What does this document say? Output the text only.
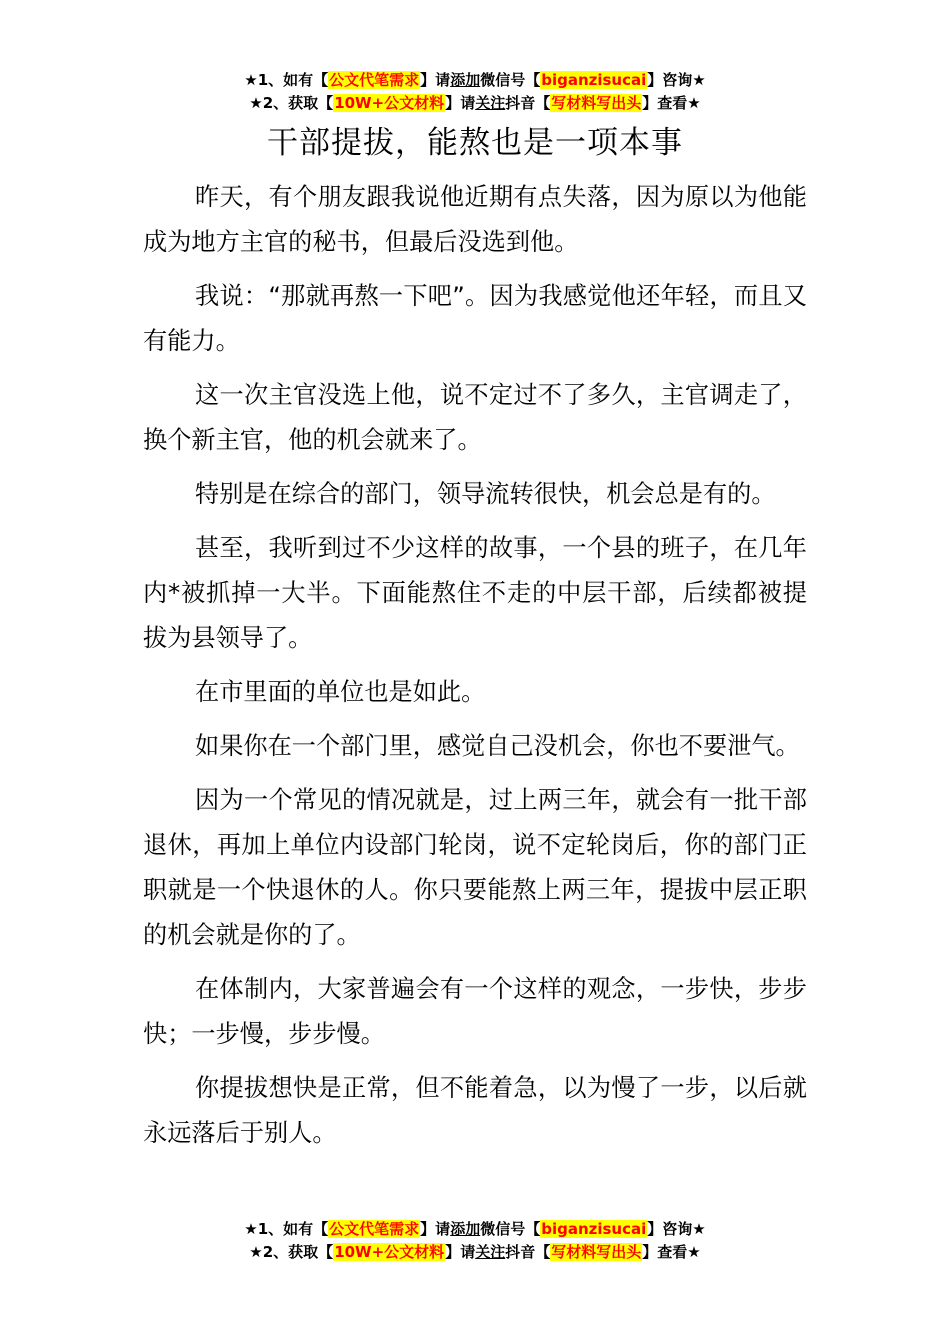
★1、如有【公文代笔需求】请添加微信号【biganzisucai】咨询★
★2、获取【10W+公文材料】请关注抖音【写材料写出头】查看★
干部提拔，能熬也是一项本事

昨天，有个朋友跟我说他近期有点失落，因为原以为他能成为地方主官的秘书，但最后没选到他。

我说：“那就再熬一下吧”。因为我感觉他还年轻，而且又有能力。

这一次主官没选上他，说不定过不了多久，主官调走了，换个新主官，他的机会就来了。

特别是在综合的部门，领导流转很快，机会总是有的。

甚至，我听到过不少这样的故事，一个县的班子，在几年内*被抓掉一大半。下面能熬住不走的中层干部，后续都被提拔为县领导了。

在市里面的单位也是如此。

如果你在一个部门里，感觉自己没机会，你也不要泄气。

因为一个常见的情况就是，过上两三年，就会有一批干部退休，再加上单位内设部门轮岗，说不定轮岗后，你的部门正职就是一个快退休的人。你只要能熬上两三年，提拔中层正职的机会就是你的了。

在体制内，大家普遍会有一个这样的观念，一步快，步步快；一步慢，步步慢。

你提拔想快是正常，但不能着急，以为慢了一步，以后就永远落后于别人。

★1、如有【公文代笔需求】请添加微信号【biganzisucai】咨询★
★2、获取【10W+公文材料】请关注抖音【写材料写出头】查看★
